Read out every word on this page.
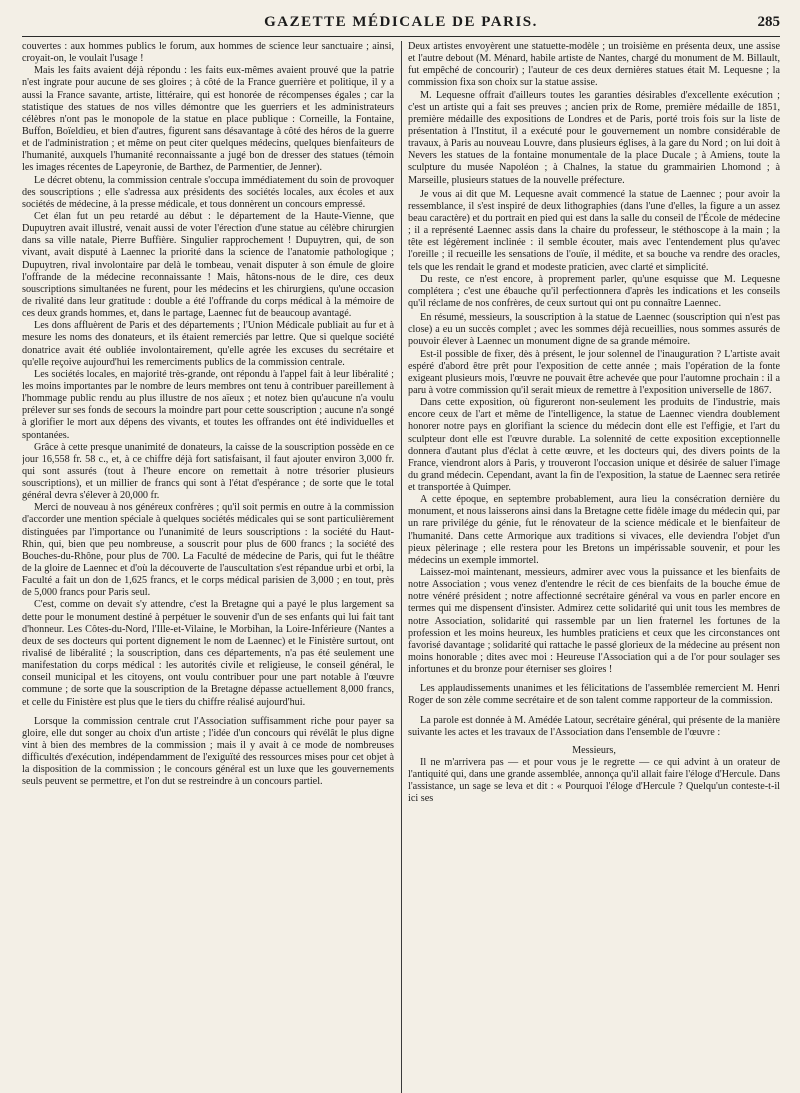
GAZETTE MÉDICALE DE PARIS.	285

couvertes : aux hommes publics le forum, aux hommes de science leur sanctuaire ; ainsi, croyait-on, le voulait l'usage !

Mais les faits avaient déjà répondu : les faits eux-mêmes avaient prouvé que la patrie n'est ingrate pour aucune de ses gloires ; à côté de la France guerrière et politique, il y a aussi la France savante, artiste, littéraire, qui est honorée de récompenses égales ; car la statistique des statues de nos villes démontre que les guerriers et les administrateurs célèbres n'ont pas le monopole de la statue en place publique : Corneille, la Fontaine, Buffon, Boïeldieu, et bien d'autres, figurent sans désavantage à côté des héros de la guerre et de l'administration ; et même on peut citer quelques médecins, quelques bienfaiteurs de l'humanité, auxquels l'humanité reconnaissante a jugé bon de dresser des statues (témoin les images récentes de Lapeyronie, de Barthez, de Parmentier, de Jenner).

Le décret obtenu, la commission centrale s'occupa immédiatement du soin de provoquer des souscriptions ; elle s'adressa aux présidents des sociétés locales, aux écoles et aux sociétés de médecine, à la presse médicale, et tous donnèrent un concours empressé.

Cet élan fut un peu retardé au début : le département de la Haute-Vienne, que Dupuytren avait illustré, venait aussi de voter l'érection d'une statue au célèbre chirurgien dans sa ville natale, Pierre Buffière. Singulier rapprochement ! Dupuytren, qui, de son vivant, avait disputé à Laennec la priorité dans la science de l'anatomie pathologique ; Dupuytren, rival involontaire par delà le tombeau, venait disputer à son émule de gloire l'offrande de la médecine reconnaissante ! Mais, hâtons-nous de le dire, ces deux souscriptions simultanées ne furent, pour les médecins et les chirurgiens, qu'une occasion de rivalité dans leur gratitude : double a été l'offrande du corps médical à la mémoire de ces deux grands hommes, et, dans le partage, Laennec fut de beaucoup avantagé.

Les dons affluèrent de Paris et des départements ; l'Union Médicale publiait au fur et à mesure les noms des donateurs, et ils étaient remerciés par lettre. Que si quelque société donatrice avait été oubliée involontairement, qu'elle agrée les excuses du secrétaire et qu'elle reçoive aujourd'hui les remerciments publics de la commission centrale.

Les sociétés locales, en majorité très-grande, ont répondu à l'appel fait à leur libéralité ; les moins importantes par le nombre de leurs membres ont tenu à contribuer pareillement à l'hommage public rendu au plus illustre de nos aïeux ; et notez bien qu'aucune n'a voulu prélever sur ses fonds de secours la moindre part pour cette souscription ; aucune n'a songé à glorifier le mort aux dépens des vivants, et toutes les offrandes ont été individuelles et spontanées.

Grâce à cette presque unanimité de donateurs, la caisse de la souscription possède en ce jour 16,558 fr. 58 c., et, à ce chiffre déjà fort satisfaisant, il faut ajouter environ 3,000 fr. qui sont assurés (tout à l'heure encore on remettait à notre trésorier plusieurs souscriptions), et un millier de francs qui sont à l'état d'espérance ; de sorte que le total général devra s'élever à 20,000 fr.

Merci de nouveau à nos généreux confrères ; qu'il soit permis en outre à la commission d'accorder une mention spéciale à quelques sociétés médicales qui se sont particulièrement distinguées par l'importance ou l'unanimité de leurs souscriptions : la société du Haut-Rhin, qui, bien que peu nombreuse, a souscrit pour plus de 600 francs ; la société des Bouches-du-Rhône, pour plus de 700. La Faculté de médecine de Paris, qui fut le théâtre de la gloire de Laennec et d'où la découverte de l'auscultation s'est répandue urbi et orbi, la Faculté a fait un don de 1,625 francs, et le corps médical parisien de 3,000 ; en tout, près de 5,000 francs pour Paris seul.

C'est, comme on devait s'y attendre, c'est la Bretagne qui a payé le plus largement sa dette pour le monument destiné à perpétuer le souvenir d'un de ses enfants qui lui fait tant d'honneur. Les Côtes-du-Nord, l'Ille-et-Vilaine, le Morbihan, la Loire-Inférieure (Nantes a deux de ses docteurs qui portent dignement le nom de Laennec) et le Finistère surtout, ont rivalisé de libéralité ; la souscription, dans ces départements, n'a pas été seulement une manifestation du corps médical : les autorités civile et religieuse, le conseil général, le conseil municipal et les citoyens, ont voulu contribuer pour une part notable à l'œuvre commune ; de sorte que la souscription de la Bretagne dépasse actuellement 8,000 francs, et celle du Finistère est plus que le tiers du chiffre réalisé aujourd'hui.

Lorsque la commission centrale crut l'Association suffisamment riche pour payer sa gloire, elle dut songer au choix d'un artiste ; l'idée d'un concours qui révélât le plus digne vint à bien des membres de la commission ; mais il y avait à ce mode de nombreuses difficultés d'exécution, indépendamment de l'exiguïté des ressources mises pour cet objet à la disposition de la commission ; le concours général est un luxe que les gouvernements seuls peuvent se permettre, et l'on dut se restreindre à un concours partiel.

Deux artistes envoyèrent une statuette-modèle ; un troisième en présenta deux, une assise et l'autre debout (M. Ménard, habile artiste de Nantes, chargé du monument de M. Billault, fut empêché de concourir) ; l'auteur de ces deux dernières statues était M. Lequesne ; la commission fixa son choix sur la statue assise.

M. Lequesne offrait d'ailleurs toutes les garanties désirables d'excellente exécution ; c'est un artiste qui a fait ses preuves ; ancien prix de Rome, première médaille de 1851, première médaille des expositions de Londres et de Paris, porté trois fois sur la liste de présentation à l'Institut, il a exécuté pour le gouvernement un nombre considérable de travaux, à Paris au nouveau Louvre, dans plusieurs églises, à la gare du Nord ; on lui doit à Nevers les statues de la fontaine monumentale de la place Ducale ; à Amiens, toute la sculpture du musée Napoléon ; à Chalnes, la statue du grammairien Lhomond ; à Marseille, plusieurs statues de la nouvelle préfecture.

Je vous ai dit que M. Lequesne avait commencé la statue de Laennec ; pour avoir la ressemblance, il s'est inspiré de deux lithographies (dans l'une d'elles, la figure a un assez beau caractère) et du portrait en pied qui est dans la salle du conseil de l'École de médecine ; il a représenté Laennec assis dans la chaire du professeur, le stéthoscope à la main ; la tête est légèrement inclinée : il semble écouter, mais avec l'entendement plus qu'avec l'oreille ; il recueille les sensations de l'ouïe, il médite, et sa bouche va rendre des oracles, tels que les rendait le grand et modeste praticien, avec clarté et simplicité.

Du reste, ce n'est encore, à proprement parler, qu'une esquisse que M. Lequesne complétera ; c'est une ébauche qu'il perfectionnera d'après les indications et les conseils qu'il réclame de nos confrères, de ceux surtout qui ont pu connaître Laennec.

En résumé, messieurs, la souscription à la statue de Laennec (souscription qui n'est pas close) a eu un succès complet ; avec les sommes déjà recueillies, nous sommes assurés de pouvoir élever à Laennec un monument digne de sa grande mémoire.

Est-il possible de fixer, dès à présent, le jour solennel de l'inauguration ? L'artiste avait espéré d'abord être prêt pour l'exposition de cette année ; mais l'opération de la fonte exigeant plusieurs mois, l'œuvre ne pouvait être achevée que pour l'automne prochain : il a paru à votre commission qu'il serait mieux de remettre à l'exposition universelle de 1867.

Dans cette exposition, où figureront non-seulement les produits de l'industrie, mais encore ceux de l'art et même de l'intelligence, la statue de Laennec viendra doublement honorer notre pays en glorifiant la science du médecin dont elle est l'effigie, et l'art du sculpteur dont elle est l'œuvre durable. La solennité de cette exposition exceptionnelle donnera d'autant plus d'éclat à cette œuvre, et les docteurs qui, des divers points de la France, viendront alors à Paris, y trouveront l'occasion unique et désirée de saluer l'image du grand médecin. Cependant, avant la fin de l'exposition, la statue de Laennec sera retirée et transportée à Quimper.

A cette époque, en septembre probablement, aura lieu la consécration dernière du monument, et nous laisserons ainsi dans la Bretagne cette fidèle image du médecin qui, par un rare privilége du génie, fut le rénovateur de la science médicale et le bienfaiteur de l'humanité. Dans cette Armorique aux traditions si vivaces, elle deviendra l'objet d'un pieux pèlerinage ; elle restera pour les Bretons un impérissable souvenir, et pour les médecins un exemple immortel.

Laissez-moi maintenant, messieurs, admirer avec vous la puissance et les bienfaits de notre Association ; vous venez d'entendre le récit de ces bienfaits de la bouche émue de notre vénéré président ; notre affectionné secrétaire général va vous en parler encore en termes qui me dispensent d'insister. Admirez cette solidarité qui unit tous les membres de notre Association, solidarité qui rassemble par un lien fraternel les fortunes de la profession et les moins heureux, les humbles praticiens et ceux que les circonstances ont favorisé davantage ; solidarité qui rattache le passé glorieux de la médecine au présent non moins honorable ; dites avec moi : Heureuse l'Association qui a de l'or pour soulager ses infortunes et du bronze pour éterniser ses gloires !

Les applaudissements unanimes et les félicitations de l'assemblée remercient M. Henri Roger de son zèle comme secrétaire et de son talent comme rapporteur de la commission.

La parole est donnée à M. Amédée Latour, secrétaire général, qui présente de la manière suivante les actes et les travaux de l'Association dans l'ensemble de l'œuvre :

Messieurs,

Il ne m'arrivera pas — et pour vous je le regrette — ce qui advint à un orateur de l'antiquité qui, dans une grande assemblée, annonça qu'il allait faire l'éloge d'Hercule. Dans l'assistance, un sage se leva et dit : « Pourquoi l'éloge d'Hercule ? Quelqu'un conteste-t-il ici ses
